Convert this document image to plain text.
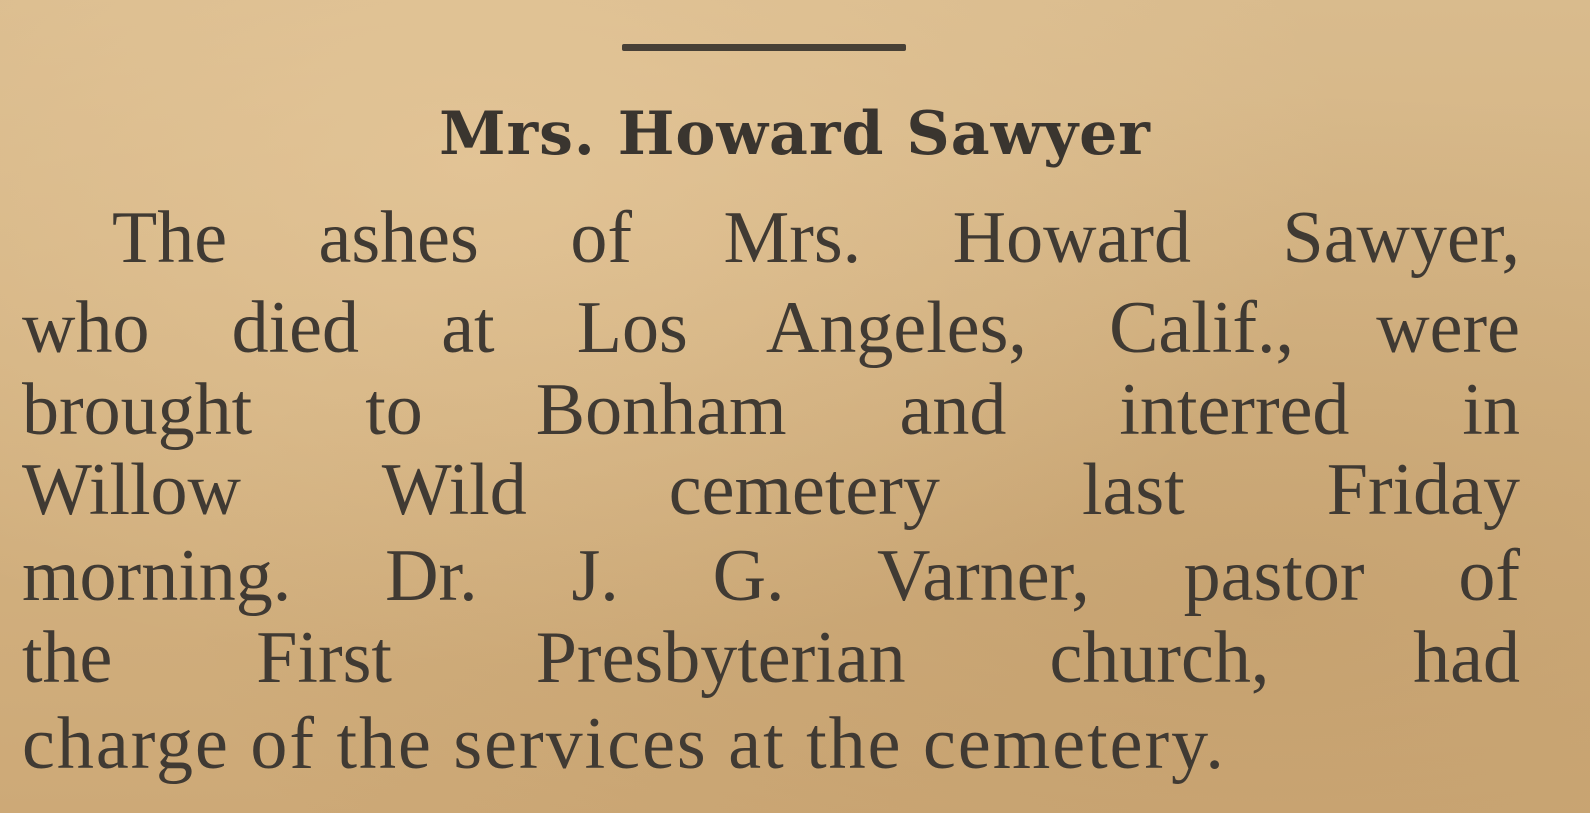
Mrs. Howard Sawyer

The ashes of Mrs. Howard Sawyer,

who died at Los Angeles, Calif., were

brought to Bonham and interred in

Willow Wild cemetery last Friday

morning. Dr. J. G. Varner, pastor of

the First Presbyterian church, had

charge of the services at the cemetery.
